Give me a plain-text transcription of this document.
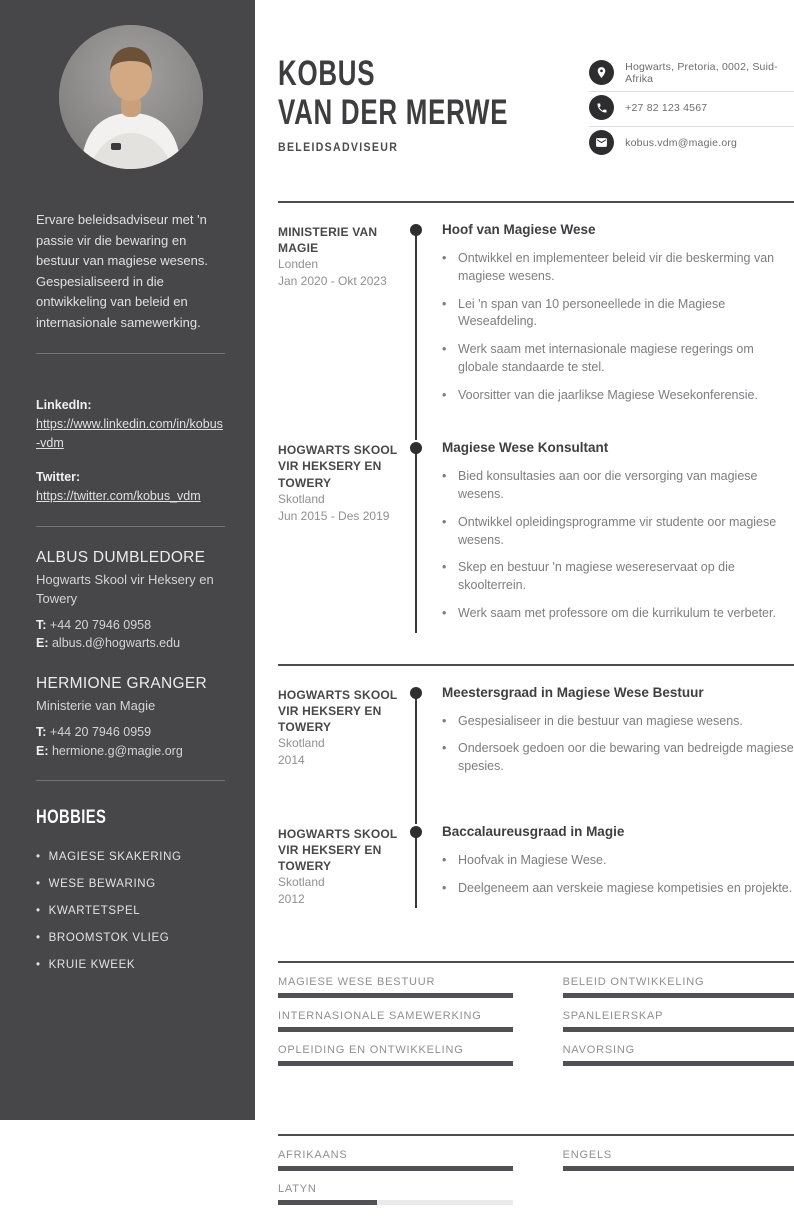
Ervare beleidsadviseur met 'n passie vir die bewaring en bestuur van magiese wesens. Gespesialiseerd in die ontwikkeling van beleid en internasionale samewerking.

LinkedIn:
https://www.linkedin.com/in/kobus-vdm
Twitter:
https://twitter.com/kobus_vdm
ALBUS DUMBLEDORE
Hogwarts Skool vir Heksery en Towery
T: +44 20 7946 0958
E: albus.d@hogwarts.edu
HERMIONE GRANGER
Ministerie van Magie
T: +44 20 7946 0959
E: hermione.g@magie.org
HOBBIES
• MAGIESE SKAKERING
• WESE BEWARING
• KWARTETSPEL
• BROOMSTOK VLIEG
• KRUIE KWEEK
KOBUS
VAN DER MERWE
BELEIDSADVISEUR
Hogwarts, Pretoria, 0002, Suid-Afrika
+27 82 123 4567
kobus.vdm@magie.org
MINISTERIE VAN MAGIE
Londen
Jan 2020 - Okt 2023
Hoof van Magiese Wese
• Ontwikkel en implementeer beleid vir die beskerming van magiese wesens.
• Lei 'n span van 10 personeellede in die Magiese Weseafdeling.
• Werk saam met internasionale magiese regerings om globale standaarde te stel.
• Voorsitter van die jaarlikse Magiese Wesekonferensie.
HOGWARTS SKOOL VIR HEKSERY EN TOWERY
Skotland
Jun 2015 - Des 2019
Magiese Wese Konsultant
• Bied konsultasies aan oor die versorging van magiese wesens.
• Ontwikkel opleidingsprogramme vir studente oor magiese wesens.
• Skep en bestuur 'n magiese wesereservaat op die skoolterrein.
• Werk saam met professore om die kurrikulum te verbeter.
HOGWARTS SKOOL VIR HEKSERY EN TOWERY
Skotland
2014
Meestersgraad in Magiese Wese Bestuur
• Gespesialiseer in die bestuur van magiese wesens.
• Ondersoek gedoen oor die bewaring van bedreigde magiese spesies.
HOGWARTS SKOOL VIR HEKSERY EN TOWERY
Skotland
2012
Baccalaureusgraad in Magie
• Hoofvak in Magiese Wese.
• Deelgeneem aan verskeie magiese kompetisies en projekte.
MAGIESE WESE BESTUUR	BELEID ONTWIKKELING
INTERNASIONALE SAMEWERKING	SPANLEIERSKAP
OPLEIDING EN ONTWIKKELING	NAVORSING
AFRIKAANS	ENGELS
LATYN
